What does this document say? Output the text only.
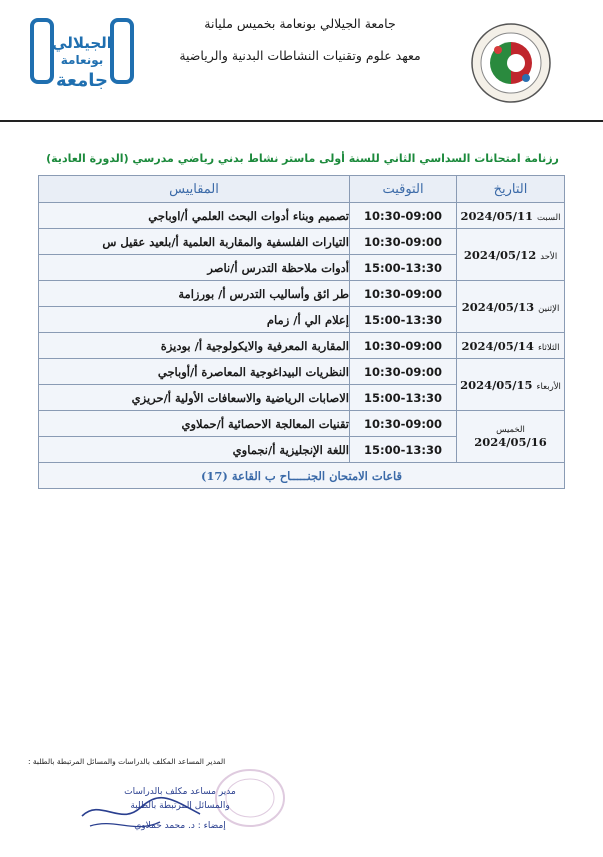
الجيلالي
بونعامة
جامعة
جامعة الجيلالي بونعامة بخميس مليانة
معهد علوم وتقنيات النشاطات البدنية والرياضية
رزنامة امتحانات السداسي الثاني للسنة أولى ماستر نشاط بدني رياضي مدرسي (الدورة العادية)
التاريخ	التوقيت	المقاييس
السبت 2024/05/11	10:30-09:00	تصميم وبناء أدوات البحث العلمي أ/اوباجي
الأحد 2024/05/12	10:30-09:00	التيارات الفلسفية والمقاربة العلمية أ/بلعيد عقيل س
	15:00-13:30	أدوات ملاحظة التدرس أ/ناصر
الإثنين 2024/05/13	10:30-09:00	طر ائق وأساليب التدرس أ/ بورزامة
	15:00-13:30	إعلام الي أ/ زمام
الثلاثاء 2024/05/14	10:30-09:00	المقاربة المعرفية والايكولوجية أ/ بوديزة
الأربعاء 2024/05/15	10:30-09:00	النظريات البيداغوجية المعاصرة أ/أوباجي
	15:00-13:30	الاصابات الرياضية والاسعافات الأولية أ/حريزي

الخميس
2024/05/16	10:30-09:00	تقنيات المعالجة الاحصائية أ/حملاوي
	15:00-13:30	اللغة الإنجليزية أ/نجماوي
قاعات الامتحان الجنـــــاح ب القاعة (17)		
المدير المساعد المكلف بالدراسات والمسائل المرتبطة بالطلبة :
مدير مساعد مكلف بالدراسات
والمسائل المرتبطة بالطلبة
إمضاء : د. محمد حملاوي
